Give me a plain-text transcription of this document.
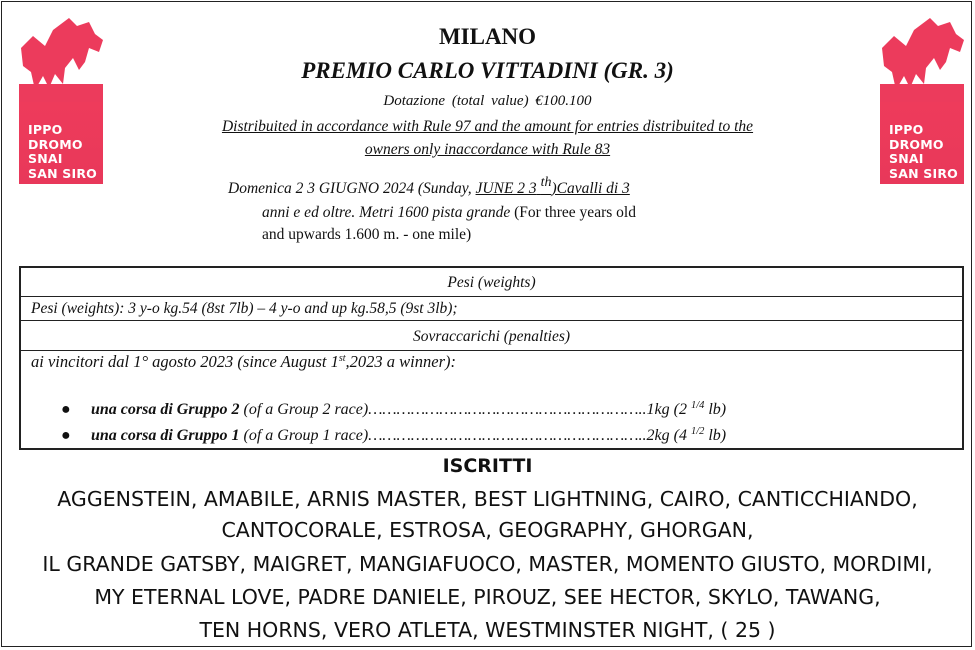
IPPO
DROMO
SNAI
SAN SIRO
IPPO
DROMO
SNAI
SAN SIRO
MILANO
PREMIO CARLO VITTADINI (GR. 3)
Dotazione (total value) €100.100
Distribuited in accordance with Rule 97 and the amount for entries distribuited to the
owners only inaccordance with Rule 83
Domenica 2 3 GIUGNO 2024 (Sunday, JUNE 2 3 th)Cavalli di 3
anni e ed oltre. Metri 1600 pista grande (For three years old
and upwards 1.600 m. - one mile)
Pesi (weights)
Pesi (weights): 3 y-o kg.54 (8st 7lb) – 4 y-o and up kg.58,5 (9st 3lb);
Sovraccarichi (penalties)
ai vincitori dal 1° agosto 2023 (since August 1st,2023 a winner):
● una corsa di Gruppo 2 (of a Group 2 race)…………………………………………………..1kg (2 $^{1/4}$ lb)
● una corsa di Gruppo 1 (of a Group 1 race)…………………………………………………..2kg (4 $^{1/2}$ lb)
ISCRITTI
AGGENSTEIN, AMABILE, ARNIS MASTER, BEST LIGHTNING, CAIRO, CANTICCHIANDO,
CANTOCORALE, ESTROSA, GEOGRAPHY, GHORGAN,
IL GRANDE GATSBY, MAIGRET, MANGIAFUOCO, MASTER, MOMENTO GIUSTO, MORDIMI,
MY ETERNAL LOVE, PADRE DANIELE, PIROUZ, SEE HECTOR, SKYLO, TAWANG,
TEN HORNS, VERO ATLETA, WESTMINSTER NIGHT, ( 25 )
